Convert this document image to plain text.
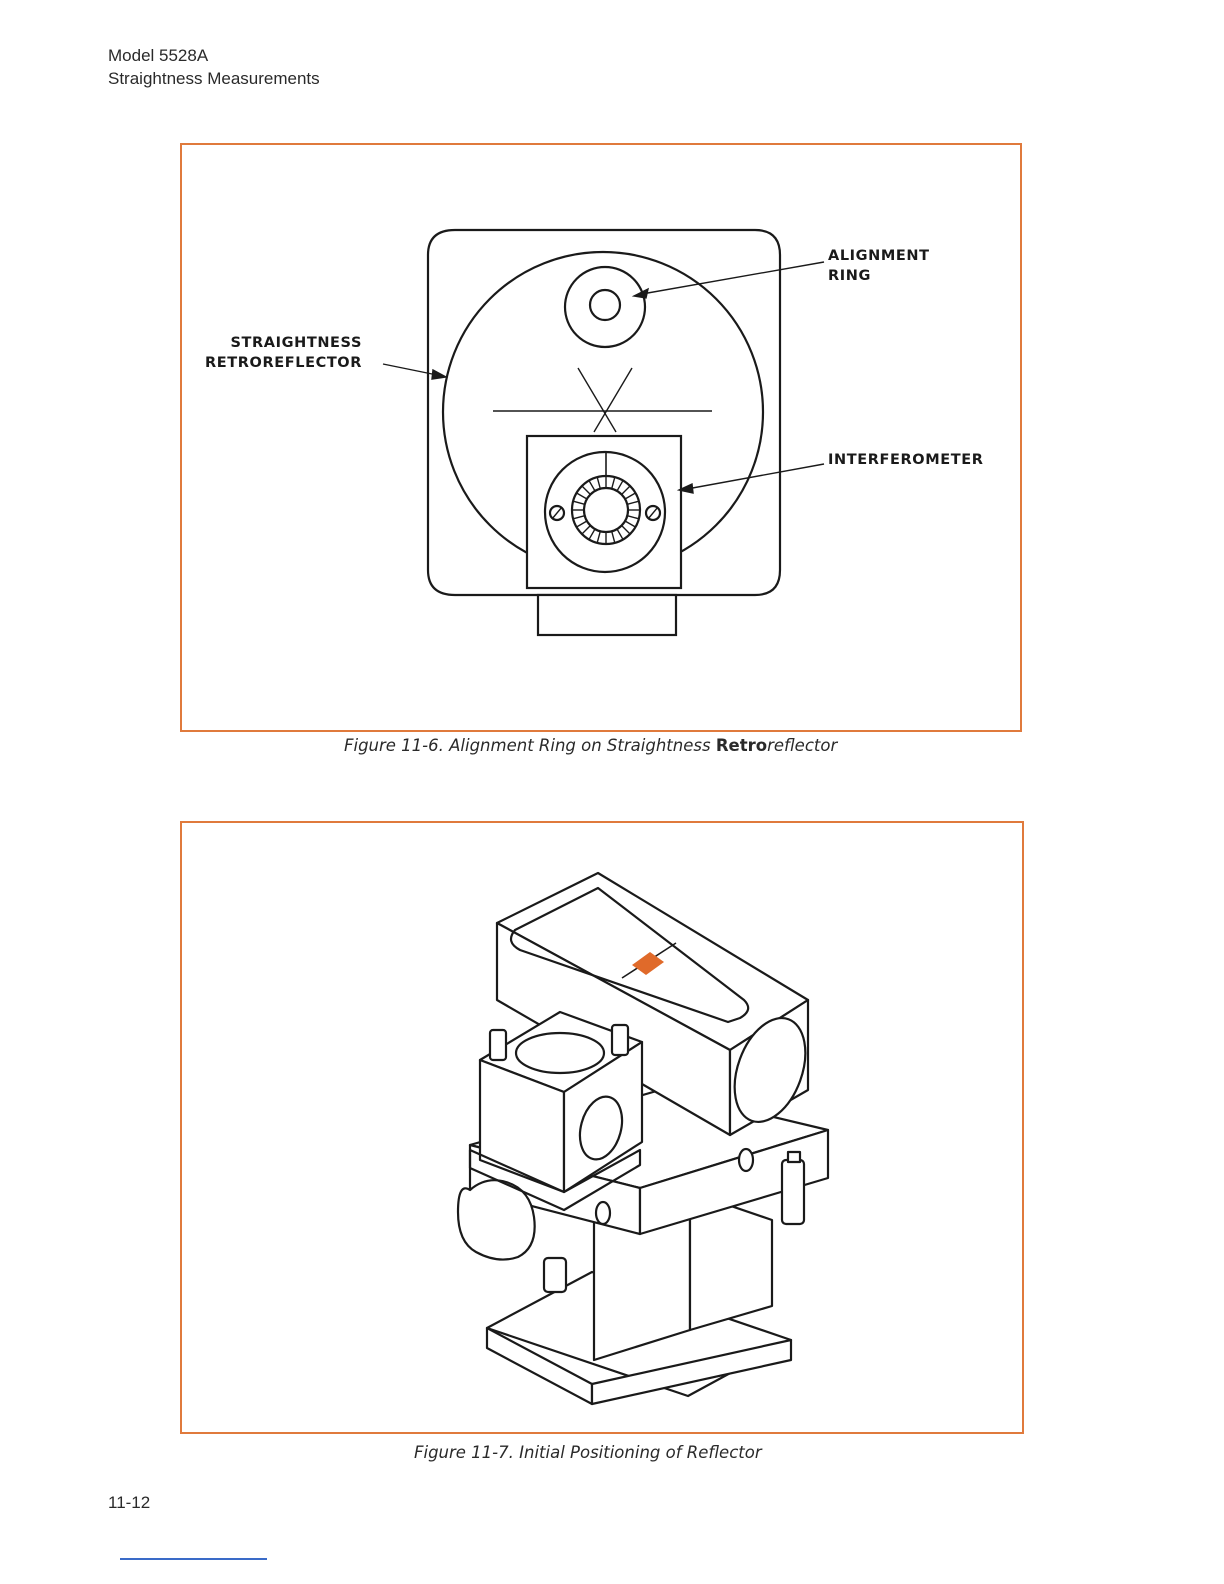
Model 5528A
Straightness Measurements
ALIGNMENT
RING
STRAIGHTNESS
RETROREFLECTOR
INTERFEROMETER
Figure 11-6. Alignment Ring on Straightness Retroreflector
Figure 11-7. Initial Positioning of Reflector
11-12
